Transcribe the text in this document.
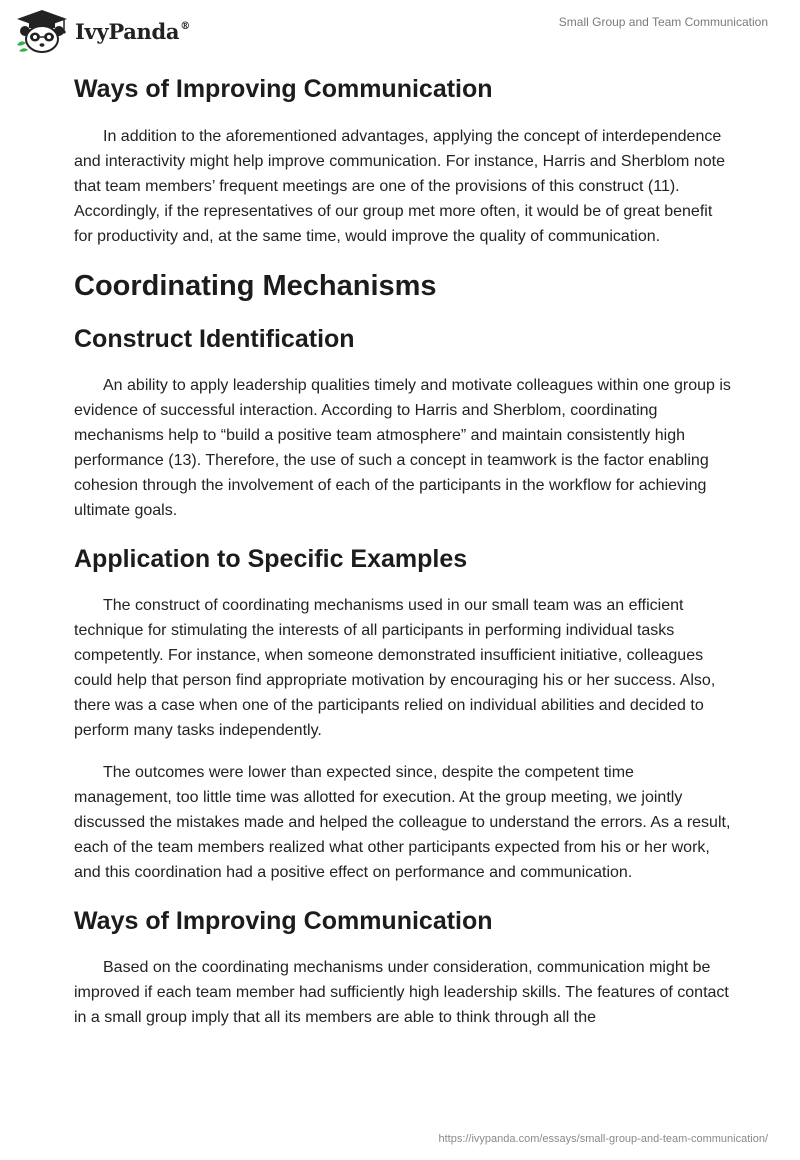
IvyPanda®	Small Group and Team Communication
Ways of Improving Communication

In addition to the aforementioned advantages, applying the concept of interdependence and interactivity might help improve communication. For instance, Harris and Sherblom note that team members’ frequent meetings are one of the provisions of this construct (11). Accordingly, if the representatives of our group met more often, it would be of great benefit for productivity and, at the same time, would improve the quality of communication.

Coordinating Mechanisms
Construct Identification

An ability to apply leadership qualities timely and motivate colleagues within one group is evidence of successful interaction. According to Harris and Sherblom, coordinating mechanisms help to “build a positive team atmosphere” and maintain consistently high performance (13). Therefore, the use of such a concept in teamwork is the factor enabling cohesion through the involvement of each of the participants in the workflow for achieving ultimate goals.

Application to Specific Examples

The construct of coordinating mechanisms used in our small team was an efficient technique for stimulating the interests of all participants in performing individual tasks competently. For instance, when someone demonstrated insufficient initiative, colleagues could help that person find appropriate motivation by encouraging his or her success. Also, there was a case when one of the participants relied on individual abilities and decided to perform many tasks independently.

The outcomes were lower than expected since, despite the competent time management, too little time was allotted for execution. At the group meeting, we jointly discussed the mistakes made and helped the colleague to understand the errors. As a result, each of the team members realized what other participants expected from his or her work, and this coordination had a positive effect on performance and communication.

Ways of Improving Communication

Based on the coordinating mechanisms under consideration, communication might be improved if each team member had sufficiently high leadership skills. The features of contact in a small group imply that all its members are able to think through all the

https://ivypanda.com/essays/small-group-and-team-communication/
